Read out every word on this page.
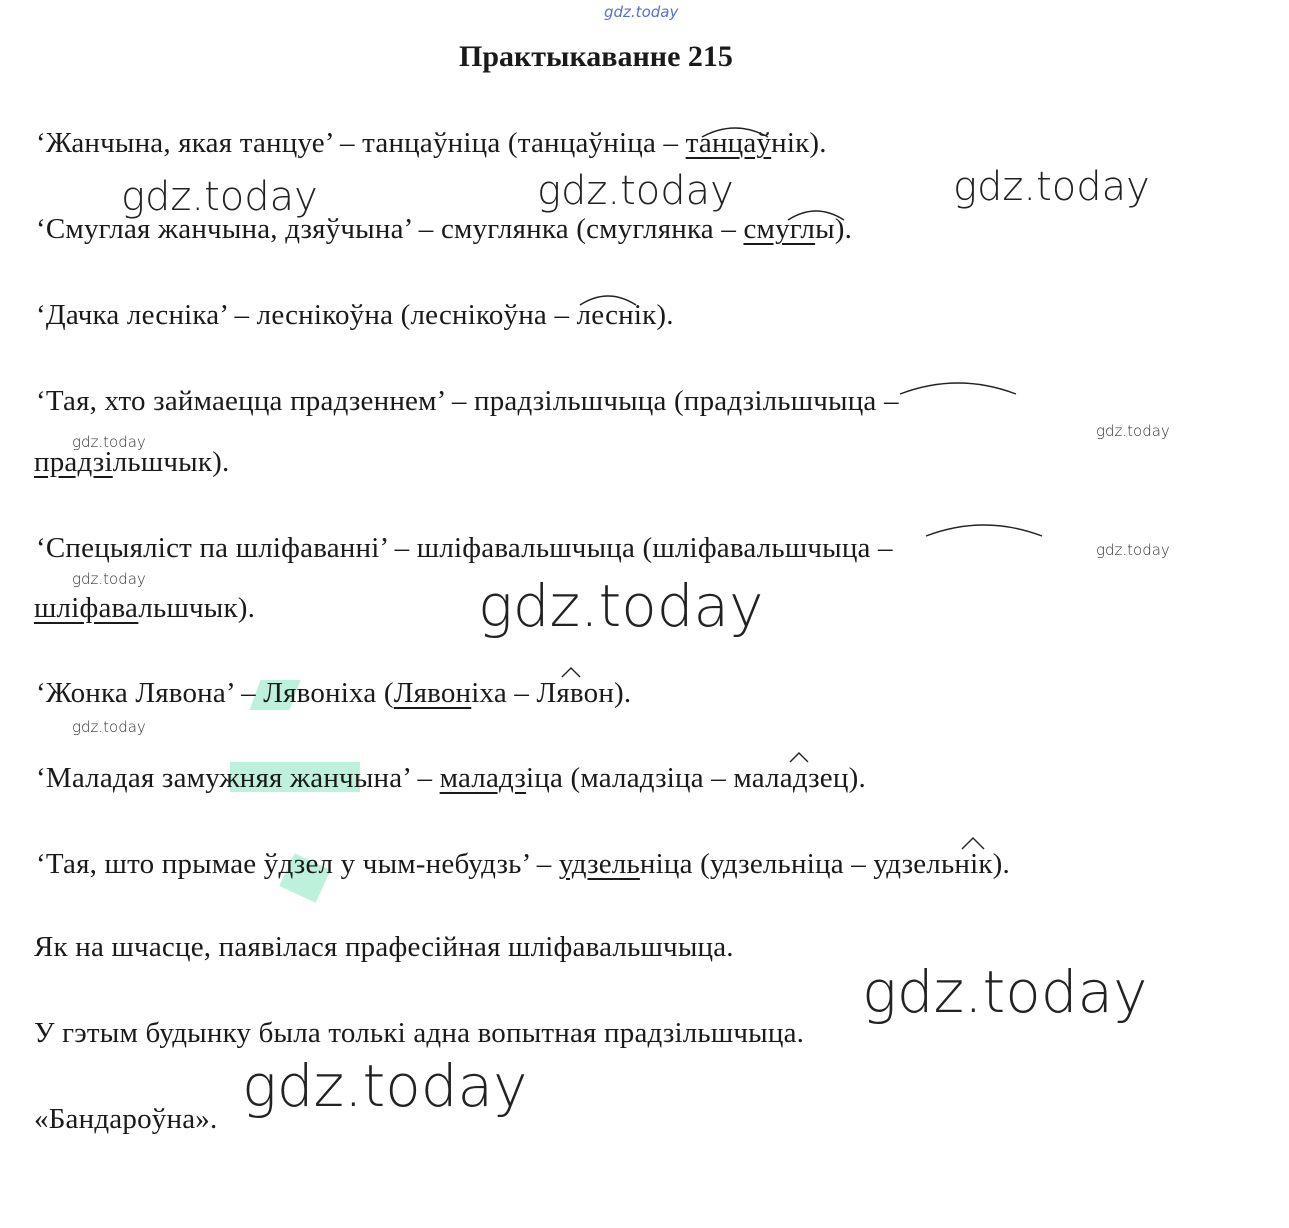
gdz.today
Практыкаванне 215
‘Жанчына, якая танцуе’ – танцаўніца (танцаўніца – танцаўнік).
‘Смуглая жанчына, дзяўчына’ – смуглянка (смуглянка – смуглы).
‘Дачка лесніка’ – леснікоўна (леснікоўна – леснік).
‘Тая, хто займаецца прадзеннем’ – прадзільшчыца (прадзільшчыца –
прадзільшчык).
‘Спецыяліст па шліфаванні’ – шліфавальшчыца (шліфавальшчыца –
шліфавальшчык).
‘Жонка Лявона’ – Лявоніха (Лявоніха – Лявон).
‘Маладая замужняя жанчына’ – маладзіца (маладзіца – маладзец).
‘Тая, што прымае ўдзел у чым-небудзь’ – удзельніца (удзельніца – удзельнік).
Як на шчасце, паявілася прафесійная шліфавальшчыца.
У гэтым будынку была толькі адна вопытная прадзільшчыца.
«Бандароўна».
gdz.today	gdz.today	gdz.today
gdz.today
gdz.today
gdz.today
gdz.today	gdz.today
gdz.today
gdz.today
gdz.today
